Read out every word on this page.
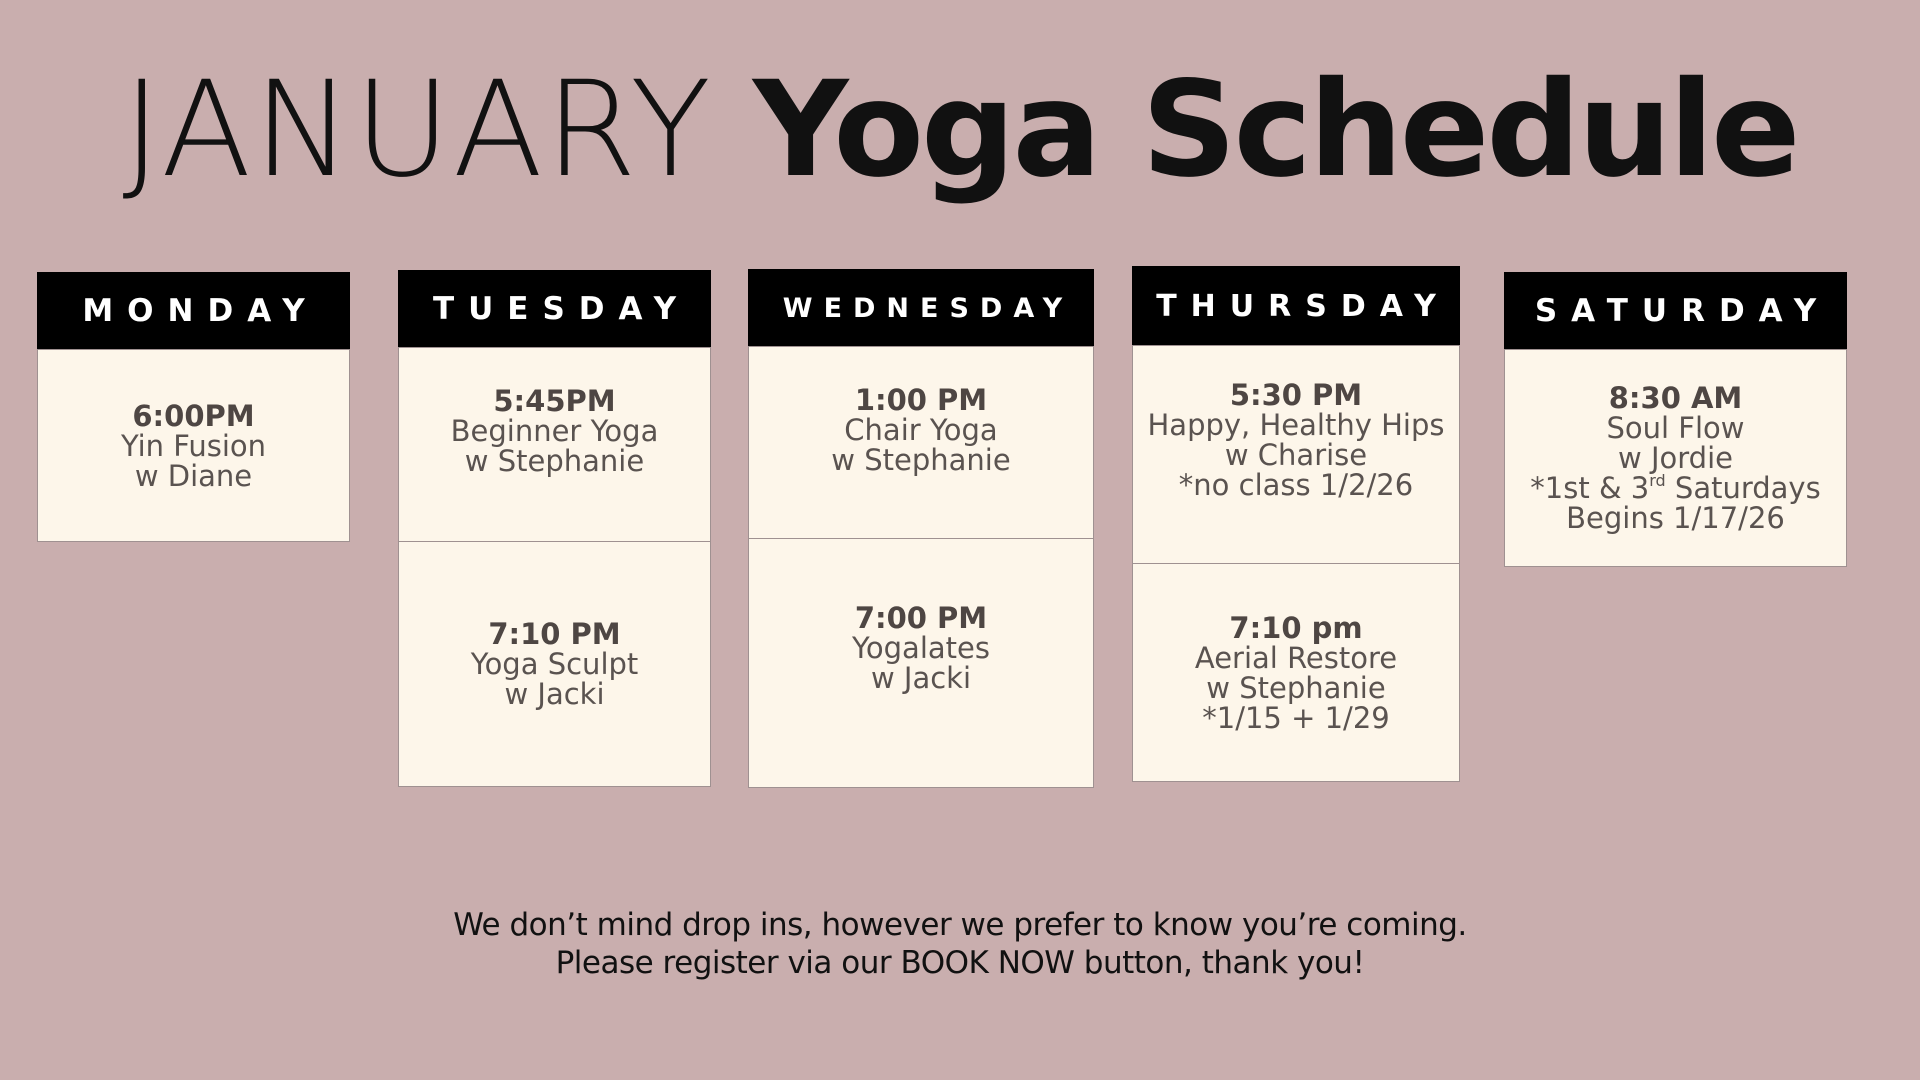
JANUARY Yoga Schedule
MONDAY
6:00PM
Yin Fusion
w Diane
TUESDAY
5:45PM
Beginner Yoga
w Stephanie
7:10 PM
Yoga Sculpt
w Jacki
WEDNESDAY
1:00 PM
Chair Yoga
w Stephanie
7:00 PM
Yogalates
w Jacki
THURSDAY
5:30 PM
Happy, Healthy Hips
w Charise
*no class 1/2/26
7:10 pm
Aerial Restore
w Stephanie
*1/15 + 1/29
SATURDAY
8:30 AM
Soul Flow
w Jordie
*1st & 3rd Saturdays
Begins 1/17/26
We don’t mind drop ins, however we prefer to know you’re coming.
Please register via our BOOK NOW button, thank you!
